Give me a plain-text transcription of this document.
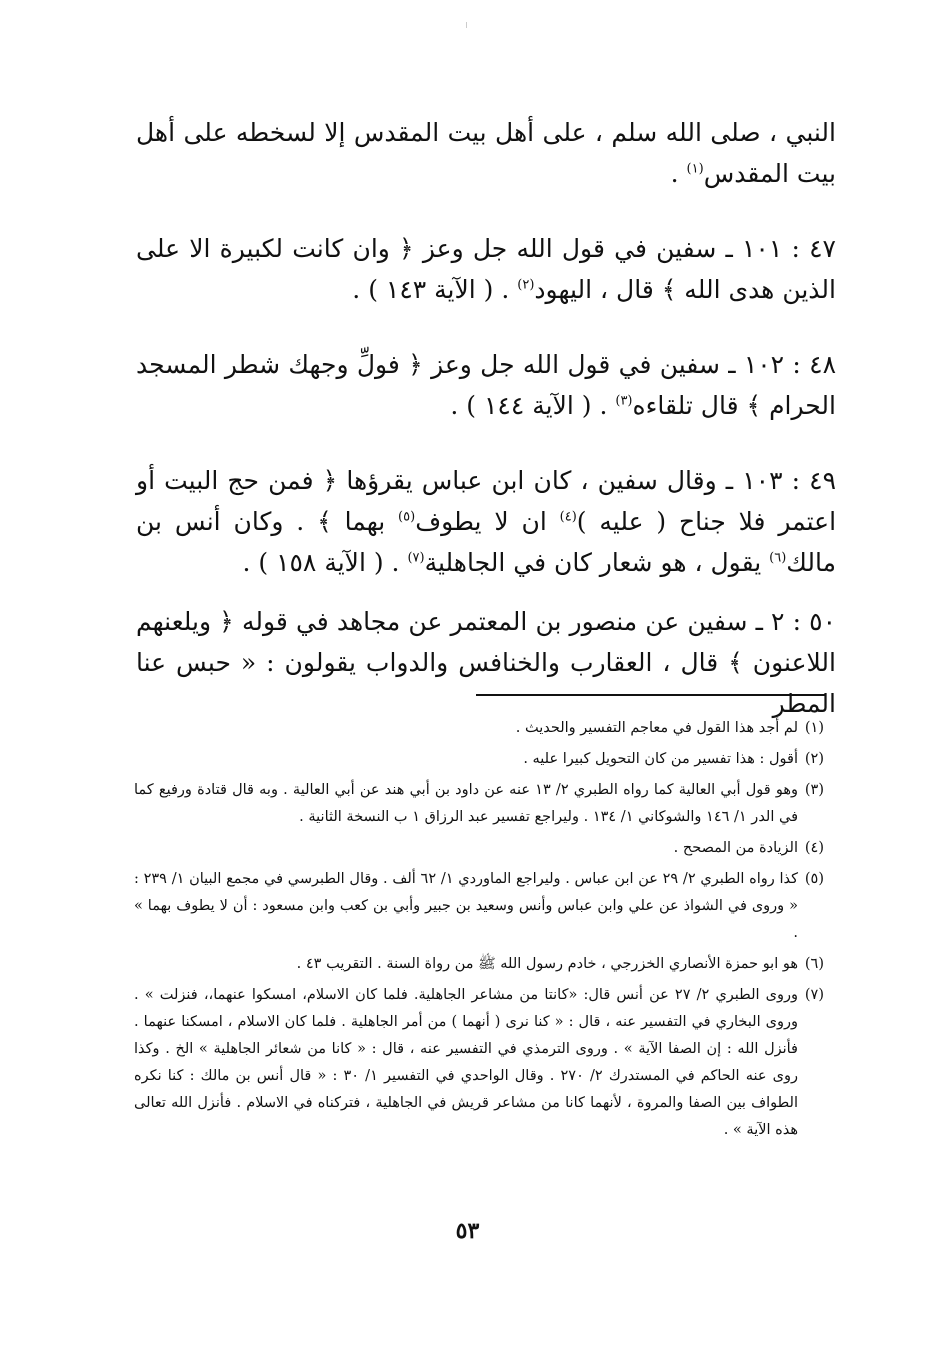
النبي ، صلى الله سلم ، على أهل بيت المقدس إلا لسخطه على أهل بيت المقدس$^{(١)}$ .

٤٧ : ١٠١ ـ سفين في قول الله جل وعز ﴿ وان كانت لكبيرة الا على الذين هدى الله ﴾ قال ، اليهود$^{(٢)}$ . ( الآية ١٤٣ ) .

٤٨ : ١٠٢ ـ سفين في قول الله جل وعز ﴿ فولِّ وجهك شطر المسجد الحرام ﴾ قال تلقاءه$^{(٣)}$ . ( الآية ١٤٤ ) .

٤٩ : ١٠٣ ـ وقال سفين ، كان ابن عباس يقرؤها ﴿ فمن حج البيت أو اعتمر فلا جناح ( عليه )$^{(٤)}$ ان لا يطوف$^{(٥)}$ بهما ﴾ . وكان أنس بن مالك$^{(٦)}$ يقول ، هو شعار كان في الجاهلية$^{(٧)}$ . ( الآية ١٥٨ ) .

٥٠ : ٢ ـ سفين عن منصور بن المعتمر عن مجاهد في قوله ﴿ ويلعنهم اللاعنون ﴾ قال ، العقارب والخنافس والدواب يقولون : « حبس عنا المطر

(١)لم أجد هذا القول في معاجم التفسير والحديث .

(٢)أقول : هذا تفسير من كان التحويل كبيرا عليه .

(٣)وهو قول أبي العالية كما رواه الطبري ٢/ ١٣ عنه عن داود بن أبي هند عن أبي العالية . وبه قال قتادة ورفيع كما في الدر ١/ ١٤٦ والشوكاني ١/ ١٣٤ . وليراجع تفسير عبد الرزاق ١ ب النسخة الثانية .

(٤)الزيادة من المصحح .

(٥)كذا رواه الطبري ٢/ ٢٩ عن ابن عباس . وليراجع الماوردي ١/ ٦٢ ألف . وقال الطبرسي في مجمع البيان ١/ ٢٣٩ : « وروى في الشواذ عن علي وابن عباس وأنس وسعيد بن جبير وأبي بن كعب وابن مسعود : أن لا يطوف بهما » .

(٦)هو ابو حمزة الأنصاري الخزرجي ، خادم رسول الله ﷺ من رواة السنة . التقريب ٤٣ .

(٧)وروى الطبري ٢/ ٢٧ عن أنس قال: «كانتا من مشاعر الجاهلية. فلما كان الاسلام، امسكوا عنهما،، فنزلت » . وروى البخاري في التفسير عنه ، قال : « كنا نرى ( أنهما ) من أمر الجاهلية . فلما كان الاسلام ، امسكنا عنهما . فأنزل الله : إن الصفا الآية » . وروى الترمذي في التفسير عنه ، قال : « كانا من شعائر الجاهلية » الخ . وكذا روى عنه الحاكم في المستدرك ٢/ ٢٧٠ . وقال الواحدي في التفسير ١/ ٣٠ : « قال أنس بن مالك : كنا نكره الطواف بين الصفا والمروة ، لأنهما كانا من مشاعر قريش في الجاهلية ، فتركناه في الاسلام . فأنزل الله تعالى هذه الآية » .

٥٣
